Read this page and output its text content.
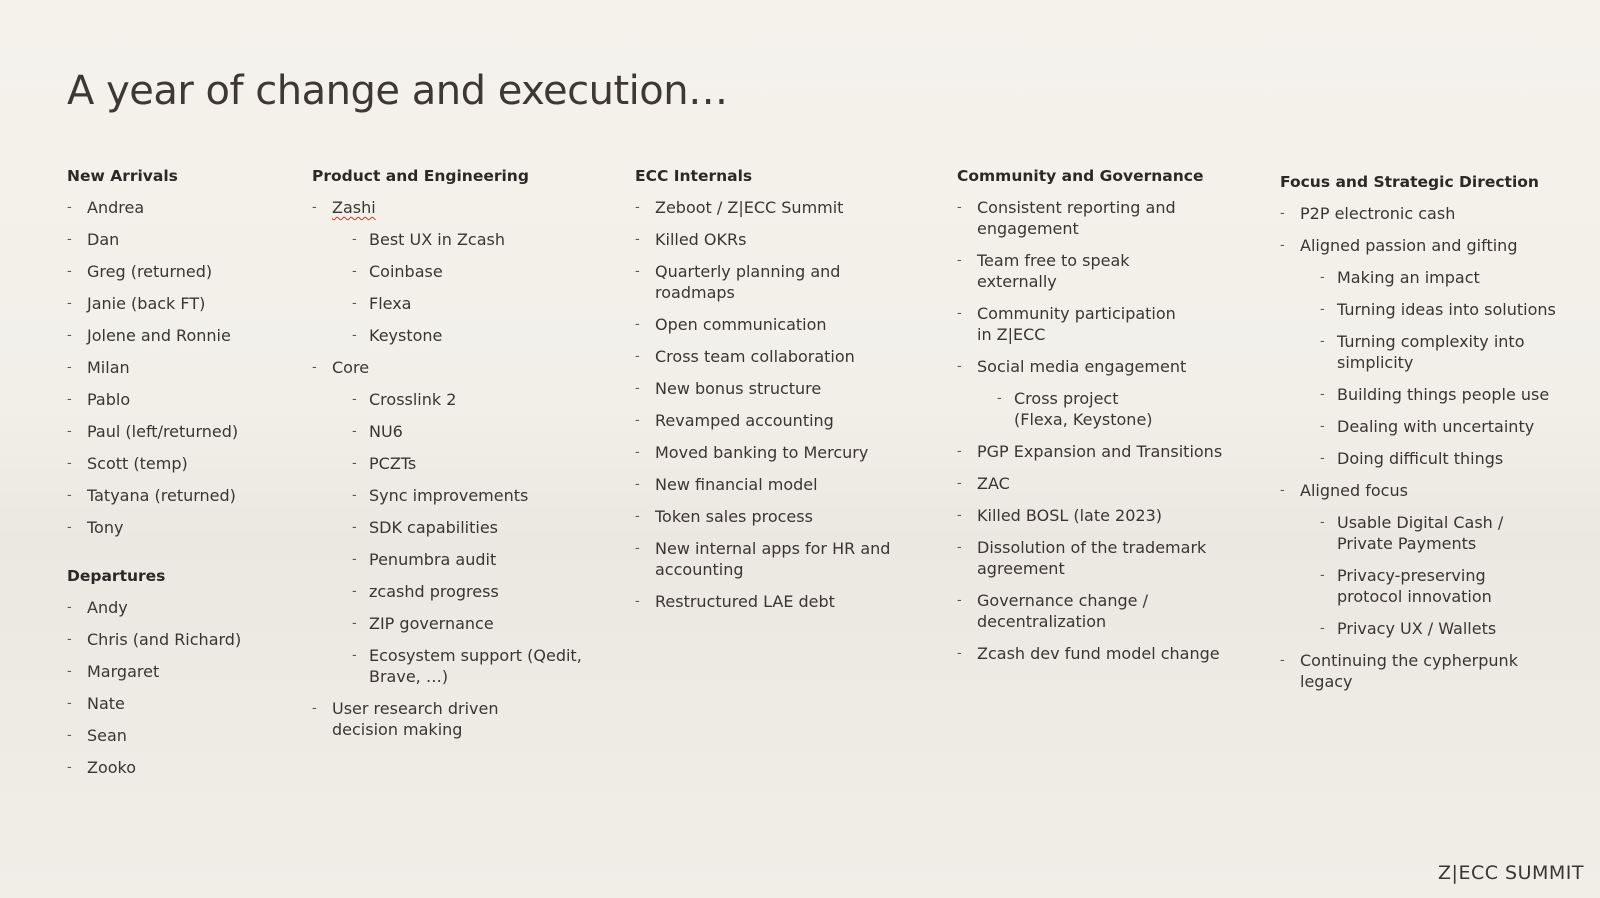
A year of change and execution…
New Arrivals
- Andrea
- Dan
- Greg (returned)
- Janie (back FT)
- Jolene and Ronnie
- Milan
- Pablo
- Paul (left/returned)
- Scott (temp)
- Tatyana (returned)
- Tony
Departures
- Andy
- Chris (and Richard)
- Margaret
- Nate
- Sean
- Zooko
Product and Engineering
- Zashi
- Best UX in Zcash
- Coinbase
- Flexa
- Keystone
- Core
- Crosslink 2
- NU6
- PCZTs
- Sync improvements
- SDK capabilities
- Penumbra audit
- zcashd progress
- ZIP governance
- Ecosystem support (Qedit, Brave, …)
- User research driven decision making
ECC Internals
- Zeboot / Z|ECC Summit
- Killed OKRs
- Quarterly planning and roadmaps
- Open communication
- Cross team collaboration
- New bonus structure
- Revamped accounting
- Moved banking to Mercury
- New financial model
- Token sales process
- New internal apps for HR and accounting
- Restructured LAE debt
Community and Governance
- Consistent reporting and engagement
- Team free to speak externally
- Community participation in Z|ECC
- Social media engagement
- Cross project (Flexa, Keystone)
- PGP Expansion and Transitions
- ZAC
- Killed BOSL (late 2023)
- Dissolution of the trademark agreement
- Governance change / decentralization
- Zcash dev fund model change
Focus and Strategic Direction
- P2P electronic cash
- Aligned passion and gifting
- Making an impact
- Turning ideas into solutions
- Turning complexity into simplicity
- Building things people use
- Dealing with uncertainty
- Doing difficult things
- Aligned focus
- Usable Digital Cash / Private Payments
- Privacy-preserving protocol innovation
- Privacy UX / Wallets
- Continuing the cypherpunk legacy
Z|ECC SUMMIT
